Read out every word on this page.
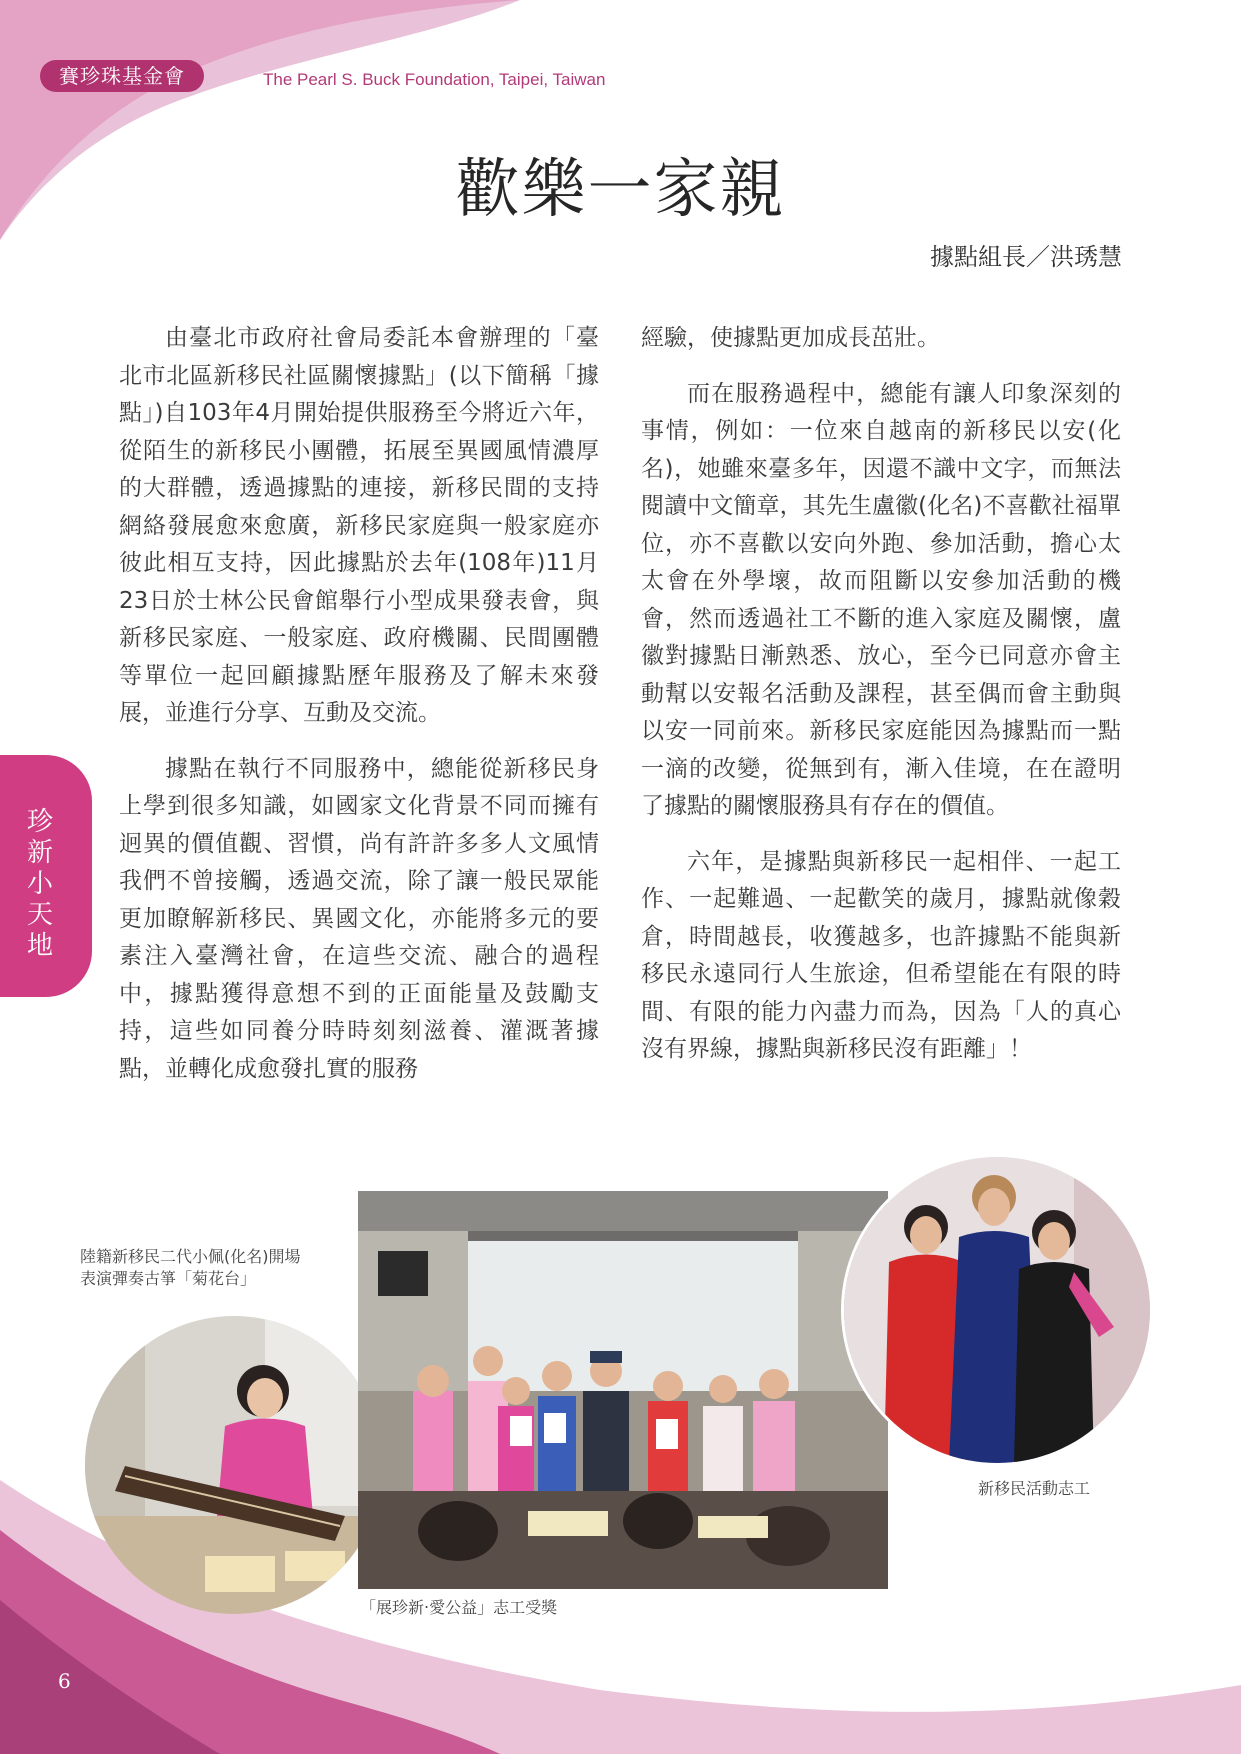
賽珍珠基金會	The Pearl S. Buck Foundation, Taipei, Taiwan
歡樂一家親
據點組長／洪琇慧

由臺北市政府社會局委託本會辦理的「臺北市北區新移民社區關懷據點」(以下簡稱「據點」)自103年4月開始提供服務至今將近六年，從陌生的新移民小團體，拓展至異國風情濃厚的大群體，透過據點的連接，新移民間的支持網絡發展愈來愈廣，新移民家庭與一般家庭亦彼此相互支持，因此據點於去年(108年)11月23日於士林公民會館舉行小型成果發表會，與新移民家庭、一般家庭、政府機關、民間團體等單位一起回顧據點歷年服務及了解未來發展，並進行分享、互動及交流。

據點在執行不同服務中，總能從新移民身上學到很多知識，如國家文化背景不同而擁有迥異的價值觀、習慣，尚有許許多多人文風情我們不曾接觸，透過交流，除了讓一般民眾能更加瞭解新移民、異國文化，亦能將多元的要素注入臺灣社會，在這些交流、融合的過程中，據點獲得意想不到的正面能量及鼓勵支持，這些如同養分時時刻刻滋養、灌溉著據點，並轉化成愈發扎實的服務

經驗，使據點更加成長茁壯。

而在服務過程中，總能有讓人印象深刻的事情，例如：一位來自越南的新移民以安(化名)，她雖來臺多年，因還不識中文字，而無法閱讀中文簡章，其先生盧徽(化名)不喜歡社福單位，亦不喜歡以安向外跑、參加活動，擔心太太會在外學壞，故而阻斷以安參加活動的機會，然而透過社工不斷的進入家庭及關懷，盧徽對據點日漸熟悉、放心，至今已同意亦會主動幫以安報名活動及課程，甚至偶而會主動與以安一同前來。新移民家庭能因為據點而一點一滴的改變，從無到有，漸入佳境，在在證明了據點的關懷服務具有存在的價值。

六年，是據點與新移民一起相伴、一起工作、一起難過、一起歡笑的歲月，據點就像穀倉，時間越長，收獲越多，也許據點不能與新移民永遠同行人生旅途，但希望能在有限的時間、有限的能力內盡力而為，因為「人的真心沒有界線，據點與新移民沒有距離」！

珍
新
小
天
地
陸籍新移民二代小佩(化名)開場
表演彈奏古箏「菊花台」
「展珍新‧愛公益」志工受獎
新移民活動志工
6
